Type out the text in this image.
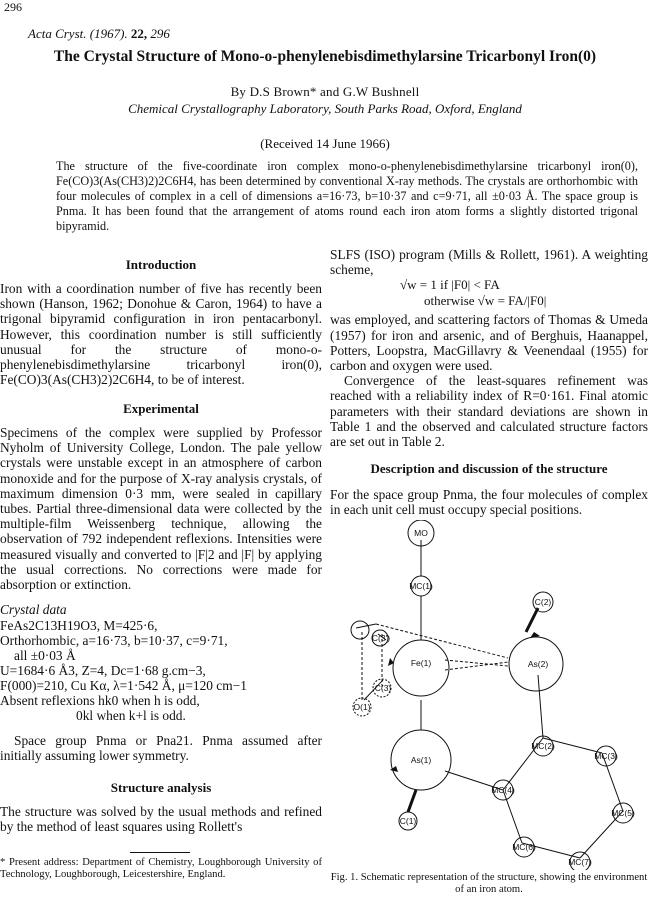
296
Acta Cryst. (1967). 22, 296
The Crystal Structure of Mono-o-phenylenebisdimethylarsine Tricarbonyl Iron(0)
By D.S Brown* and G.W Bushnell
Chemical Crystallography Laboratory, South Parks Road, Oxford, England
(Received 14 June 1966)
The structure of the five-coordinate iron complex mono-o-phenylenebisdimethylarsine tricarbonyl iron(0), Fe(CO)3(As(CH3)2)2C6H4, has been determined by conventional X-ray methods. The crystals are orthorhombic with four molecules of complex in a cell of dimensions a=16·73, b=10·37 and c=9·71, all ±0·03 Å. The space group is Pnma. It has been found that the arrangement of atoms round each iron atom forms a slightly distorted trigonal bipyramid.
Introduction

Iron with a coordination number of five has recently been shown (Hanson, 1962; Donohue & Caron, 1964) to have a trigonal bipyramid configuration in iron pentacarbonyl. However, this coordination number is still sufficiently unusual for the structure of mono-o-phenylenebisdimethylarsine tricarbonyl iron(0), Fe(CO)3(As(CH3)2)2C6H4, to be of interest.

Experimental

Specimens of the complex were supplied by Professor Nyholm of University College, London. The pale yellow crystals were unstable except in an atmosphere of carbon monoxide and for the purpose of X-ray analysis crystals, of maximum dimension 0·3 mm, were sealed in capillary tubes. Partial three-dimensional data were collected by the multiple-film Weissenberg technique, allowing the observation of 792 independent reflexions. Intensities were measured visually and converted to |F|2 and |F| by applying the usual corrections. No corrections were made for absorption or extinction.

Crystal data
FeAs2C13H19O3, M=425·6,
Orthorhombic, a=16·73, b=10·37, c=9·71,
all ±0·03 Å
U=1684·6 Å3, Z=4, Dc=1·68 g.cm−3,
F(000)=210, Cu Kα, λ=1·542 Å, μ=120 cm−1
Absent reflexions hk0 when h is odd,
0kl when k+l is odd.

Space group Pnma or Pna21. Pnma assumed after initially assuming lower symmetry.

Structure analysis

The structure was solved by the usual methods and refined by the method of least squares using Rollett's

* Present address: Department of Chemistry, Loughborough University of Technology, Loughborough, Leicestershire, England.

SLFS (ISO) program (Mills & Rollett, 1961). A weighting scheme,

√w = 1 if |F0| < FA
otherwise √w = FA/|F0|

was employed, and scattering factors of Thomas & Umeda (1957) for iron and arsenic, and of Berghuis, Haanappel, Potters, Loopstra, MacGillavry & Veenendaal (1955) for carbon and oxygen were used.

Convergence of the least-squares refinement was reached with a reliability index of R=0·161. Final atomic parameters with their standard deviations are shown in Table 1 and the observed and calculated structure factors are set out in Table 2.

Description and discussion of the structure

For the space group Pnma, the four molecules of complex in each unit cell must occupy special positions.

MO
MC(1)
C(3')
C(2)
Fe(1)	As(2)
C(3)
O(1)
MC(2)
As(1)	MC(3)
MC(4)
MC(5)
C(1)
MC(6)
MC(7)
Fig. 1. Schematic representation of the structure, showing the environment of an iron atom.
